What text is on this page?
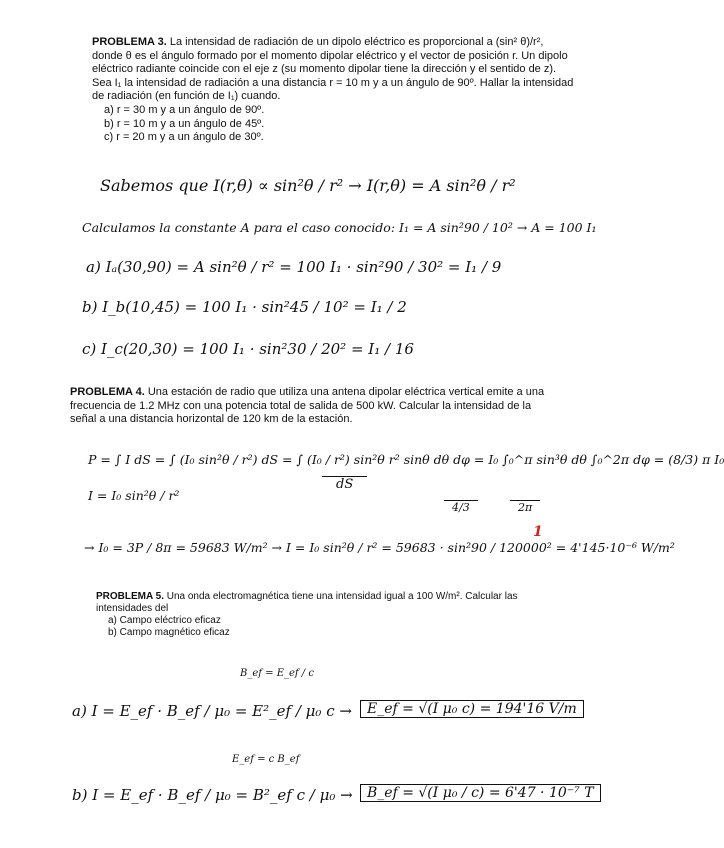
PROBLEMA 3. La intensidad de radiación de un dipolo eléctrico es proporcional a (sin² θ)/r², donde θ es el ángulo formado por el momento dipolar eléctrico y el vector de posición r. Un dipolo eléctrico radiante coincide con el eje z (su momento dipolar tiene la dirección y el sentido de z). Sea I₁ la intensidad de radiación a una distancia r = 10 m y a un ángulo de 90º. Hallar la intensidad de radiación (en función de I₁) cuando.
a) r = 30 m y a un ángulo de 90º.
b) r = 10 m y a un ángulo de 45º.
c) r = 20 m y a un ángulo de 30º.
Sabemos que I(r,θ) ∝ sin²θ / r² → I(r,θ) = A sin²θ / r²
Calculamos la constante A para el caso conocido: I₁ = A sin²90 / 10² → A = 100 I₁
a) Iₐ(30,90) = A sin²θ / r² = 100 I₁ · sin²90 / 30² = I₁ / 9
b) I_b(10,45) = 100 I₁ · sin²45 / 10² = I₁ / 2
c) I_c(20,30) = 100 I₁ · sin²30 / 20² = I₁ / 16
PROBLEMA 4. Una estación de radio que utiliza una antena dipolar eléctrica vertical emite a una frecuencia de 1.2 MHz con una potencia total de salida de 500 kW. Calcular la intensidad de la señal a una distancia horizontal de 120 km de la estación.
P = ∫ I dS = ∫ (I₀ sin²θ / r²) dS = ∫ (I₀ / r²) sin²θ r² sinθ dθ dφ = I₀ ∫₀^π sin³θ dθ ∫₀^2π dφ = (8/3) π I₀
dS
I = I₀ sin²θ / r²
4/3	2π
→ I₀ = 3P / 8π = 59683 W/m² → I = I₀ sin²θ / r² = 59683 · sin²90 / 120000² = 4'145·10⁻⁶ W/m²
1
PROBLEMA 5. Una onda electromagnética tiene una intensidad igual a 100 W/m². Calcular las intensidades del
a) Campo eléctrico eficaz
b) Campo magnético eficaz
B_ef = E_ef / c
a) I = E_ef · B_ef / μ₀ = E²_ef / μ₀ c →	E_ef = √(I μ₀ c) = 194'16 V/m
E_ef = c B_ef
b) I = E_ef · B_ef / μ₀ = B²_ef c / μ₀ →	B_ef = √(I μ₀ / c) = 6'47 · 10⁻⁷ T
